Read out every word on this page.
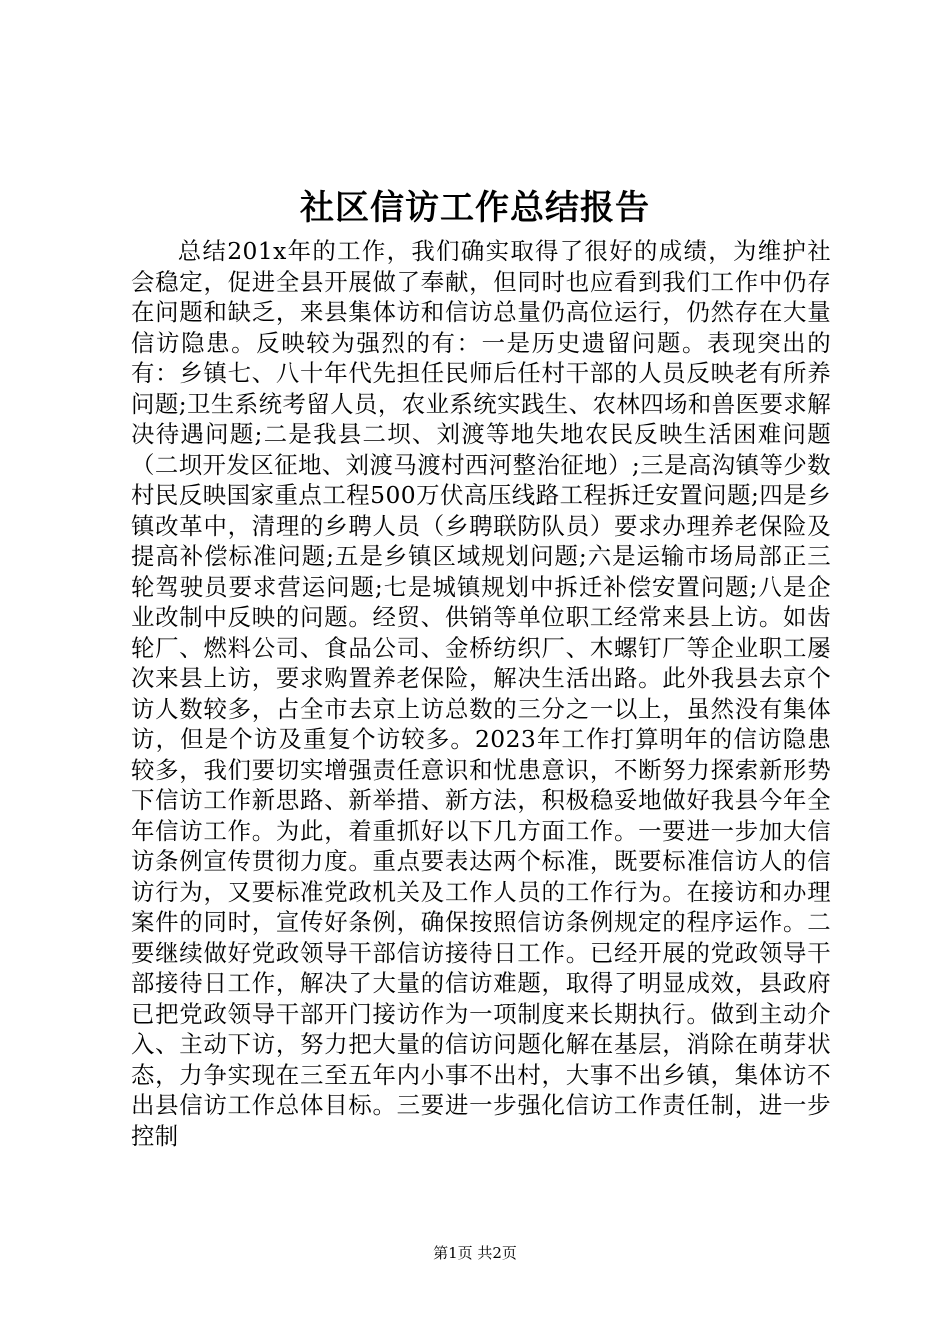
社区信访工作总结报告

总结201x年的工作，我们确实取得了很好的成绩，为维护社会稳定，促进全县开展做了奉献，但同时也应看到我们工作中仍存在问题和缺乏，来县集体访和信访总量仍高位运行，仍然存在大量信访隐患。反映较为强烈的有：一是历史遗留问题。表现突出的有：乡镇七、八十年代先担任民师后任村干部的人员反映老有所养问题;卫生系统考留人员，农业系统实践生、农林四场和兽医要求解决待遇问题;二是我县二坝、刘渡等地失地农民反映生活困难问题（二坝开发区征地、刘渡马渡村西河整治征地）;三是高沟镇等少数村民反映国家重点工程500万伏高压线路工程拆迁安置问题;四是乡镇改革中，清理的乡聘人员（乡聘联防队员）要求办理养老保险及提高补偿标准问题;五是乡镇区域规划问题;六是运输市场局部正三轮驾驶员要求营运问题;七是城镇规划中拆迁补偿安置问题;八是企业改制中反映的问题。经贸、供销等单位职工经常来县上访。如齿轮厂、燃料公司、食品公司、金桥纺织厂、木螺钉厂等企业职工屡次来县上访，要求购置养老保险，解决生活出路。此外我县去京个访人数较多，占全市去京上访总数的三分之一以上，虽然没有集体访，但是个访及重复个访较多。2023年工作打算明年的信访隐患较多，我们要切实增强责任意识和忧患意识，不断努力探索新形势下信访工作新思路、新举措、新方法，积极稳妥地做好我县今年全年信访工作。为此，着重抓好以下几方面工作。一要进一步加大信访条例宣传贯彻力度。重点要表达两个标准，既要标准信访人的信访行为，又要标准党政机关及工作人员的工作行为。在接访和办理案件的同时，宣传好条例，确保按照信访条例规定的程序运作。二要继续做好党政领导干部信访接待日工作。已经开展的党政领导干部接待日工作，解决了大量的信访难题，取得了明显成效，县政府已把党政领导干部开门接访作为一项制度来长期执行。做到主动介入、主动下访，努力把大量的信访问题化解在基层，消除在萌芽状态，力争实现在三至五年内小事不出村，大事不出乡镇，集体访不出县信访工作总体目标。三要进一步强化信访工作责任制，进一步控制

第1页 共2页
